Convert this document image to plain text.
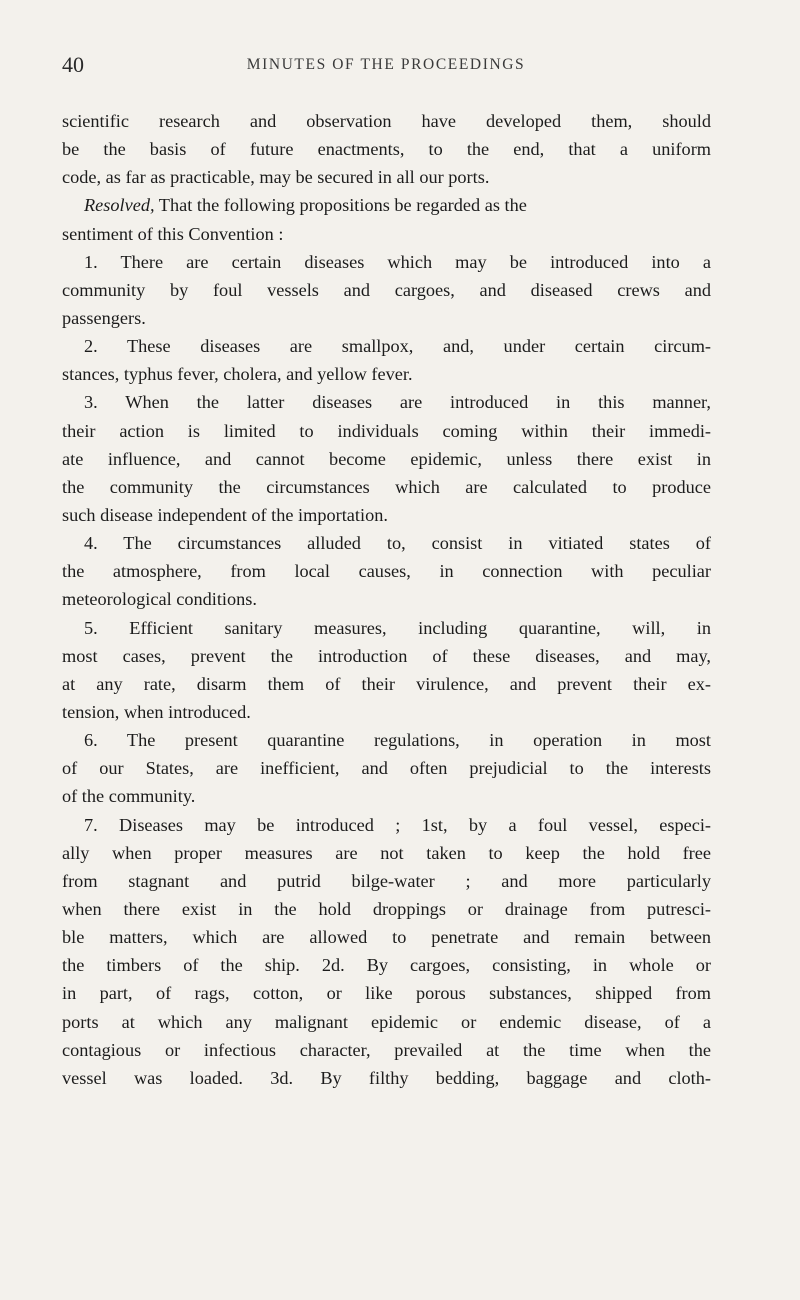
40	MINUTES OF THE PROCEEDINGS
scientific research and observation have developed them, should
be the basis of future enactments, to the end, that a uniform
code, as far as practicable, may be secured in all our ports.
Resolved, That the following propositions be regarded as the
sentiment of this Convention :
1. There are certain diseases which may be introduced into a
community by foul vessels and cargoes, and diseased crews and
passengers.
2. These diseases are smallpox, and, under certain circum-
stances, typhus fever, cholera, and yellow fever.
3. When the latter diseases are introduced in this manner,
their action is limited to individuals coming within their immedi-
ate influence, and cannot become epidemic, unless there exist in
the community the circumstances which are calculated to produce
such disease independent of the importation.
4. The circumstances alluded to, consist in vitiated states of
the atmosphere, from local causes, in connection with peculiar
meteorological conditions.
5. Efficient sanitary measures, including quarantine, will, in
most cases, prevent the introduction of these diseases, and may,
at any rate, disarm them of their virulence, and prevent their ex-
tension, when introduced.
6. The present quarantine regulations, in operation in most
of our States, are inefficient, and often prejudicial to the interests
of the community.
7. Diseases may be introduced ; 1st, by a foul vessel, especi-
ally when proper measures are not taken to keep the hold free
from stagnant and putrid bilge-water ; and more particularly
when there exist in the hold droppings or drainage from putresci-
ble matters, which are allowed to penetrate and remain between
the timbers of the ship. 2d. By cargoes, consisting, in whole or
in part, of rags, cotton, or like porous substances, shipped from
ports at which any malignant epidemic or endemic disease, of a
contagious or infectious character, prevailed at the time when the
vessel was loaded. 3d. By filthy bedding, baggage and cloth-
